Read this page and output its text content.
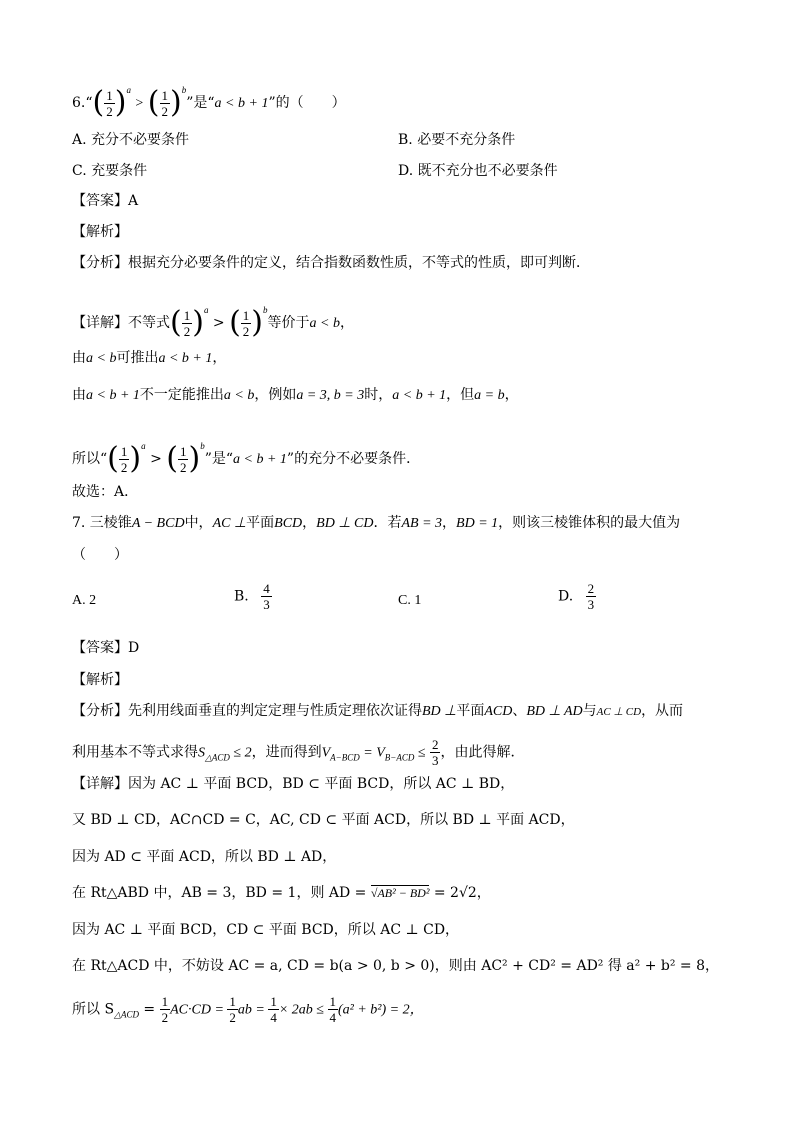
6.“( $\frac{1}{2} )^a$ > ( $\frac{1}{2} )^b$”是“a < b + 1”的（　　）
A. 充分不必要条件	B. 必要不充分条件
C. 充要条件	D. 既不充分也不必要条件
【答案】A
【解析】
【分析】根据充分必要条件的定义，结合指数函数性质，不等式的性质，即可判断．
【详解】不等式( $\frac{1}{2} )^a$ > ( $\frac{1}{2} )^b$等价于a < b，
由a < b可推出a < b + 1，
由a < b + 1不一定能推出a < b，例如a = 3, b = 3时，a < b + 1，但a = b，
所以“( $\frac{1}{2} )^a$ > ( $\frac{1}{2} )^b$”是“a < b + 1”的充分不必要条件．
故选：A．
7. 三棱锥A − BCD中，AC ⊥平面BCD，BD ⊥ CD．若AB = 3，BD = 1，则该三棱锥体积的最大值为
（　　）
A. 2	B. $\frac{4}{3}$	C. 1	D. $\frac{2}{3}$
【答案】D
【解析】
【分析】先利用线面垂直的判定定理与性质定理依次证得BD ⊥平面ACD、BD ⊥ AD与AC ⊥ CD，从而
利用基本不等式求得$S_{\triangle ACD} \le 2$，进而得到$V_{A-BCD} = V_{B-ACD} \le \frac{2}{3}$ ，由此得解．
【详解】因为 AC ⊥ 平面 BCD，BD ⊂ 平面 BCD，所以 AC ⊥ BD，
又 BD ⊥ CD，AC∩CD = C，AC, CD ⊂ 平面 ACD，所以 BD ⊥ 平面 ACD，
因为 AD ⊂ 平面 ACD，所以 BD ⊥ AD，
在 Rt△ABD 中，AB = 3，BD = 1，则 AD = √AB² − BD² = 2√2，
因为 AC ⊥ 平面 BCD，CD ⊂ 平面 BCD，所以 AC ⊥ CD，
在 Rt△ACD 中，不妨设 AC = a, CD = b(a > 0, b > 0)，则由 AC² + CD² = AD² 得 a² + b² = 8，
所以 $S_{\triangle ACD} = \frac{1}{2} AC\cdot CD = \frac{1}{2}$ ab = $\frac{1}{4} \times 2ab \le \frac{1}{4} (a^2 + b^2) = 2$，
